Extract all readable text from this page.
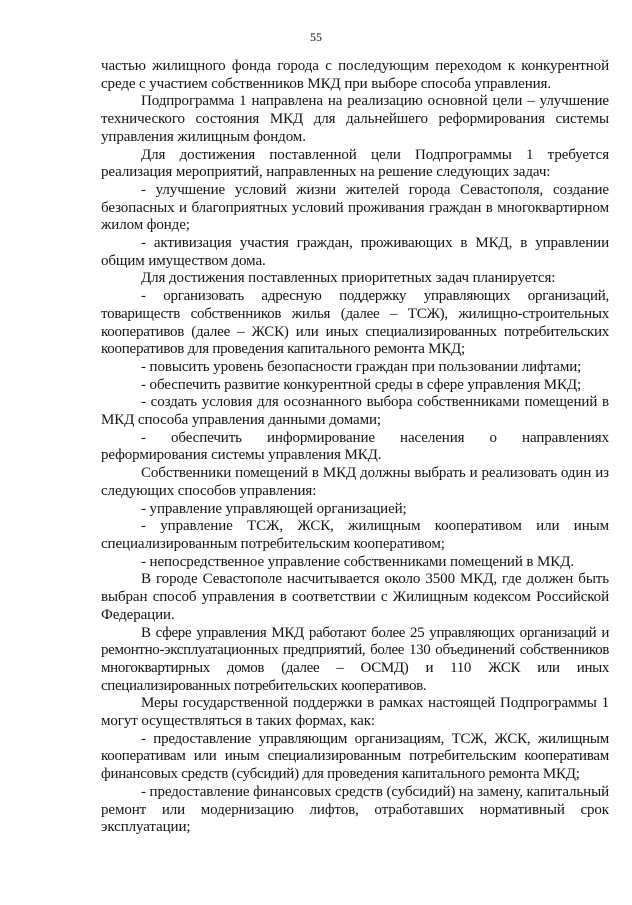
55

частью жилищного фонда города с последующим переходом к конкурентной среде с участием собственников МКД при выборе способа управления.

Подпрограмма 1 направлена на реализацию основной цели – улучшение технического состояния МКД для дальнейшего реформирования системы управления жилищным фондом.

Для достижения поставленной цели Подпрограммы 1 требуется реализация мероприятий, направленных на решение следующих задач:

- улучшение условий жизни жителей города Севастополя, создание безопасных и благоприятных условий проживания граждан в многоквартирном жилом фонде;

- активизация участия граждан, проживающих в МКД, в управлении общим имуществом дома.

Для достижения поставленных приоритетных задач планируется:

- организовать адресную поддержку управляющих организаций, товариществ собственников жилья (далее – ТСЖ), жилищно-строительных кооперативов (далее – ЖСК) или иных специализированных потребительских кооперативов для проведения капитального ремонта МКД;

- повысить уровень безопасности граждан при пользовании лифтами;

- обеспечить развитие конкурентной среды в сфере управления МКД;

- создать условия для осознанного выбора собственниками помещений в МКД способа управления данными домами;

- обеспечить информирование населения о направлениях реформирования системы управления МКД.

Собственники помещений в МКД должны выбрать и реализовать один из следующих способов управления:

- управление управляющей организацией;

- управление ТСЖ, ЖСК, жилищным кооперативом или иным специализированным потребительским кооперативом;

- непосредственное управление собственниками помещений в МКД.

В городе Севастополе насчитывается около 3500 МКД, где должен быть выбран способ управления в соответствии с Жилищным кодексом Российской Федерации.

В сфере управления МКД работают более 25 управляющих организаций и ремонтно-эксплуатационных предприятий, более 130 объединений собственников многоквартирных домов (далее – ОСМД) и 110 ЖСК или иных специализированных потребительских кооперативов.

Меры государственной поддержки в рамках настоящей Подпрограммы 1 могут осуществляться в таких формах, как:

- предоставление управляющим организациям, ТСЖ, ЖСК, жилищным кооперативам или иным специализированным потребительским кооперативам финансовых средств (субсидий) для проведения капитального ремонта МКД;

- предоставление финансовых средств (субсидий) на замену, капитальный ремонт или модернизацию лифтов, отработавших нормативный срок эксплуатации;
